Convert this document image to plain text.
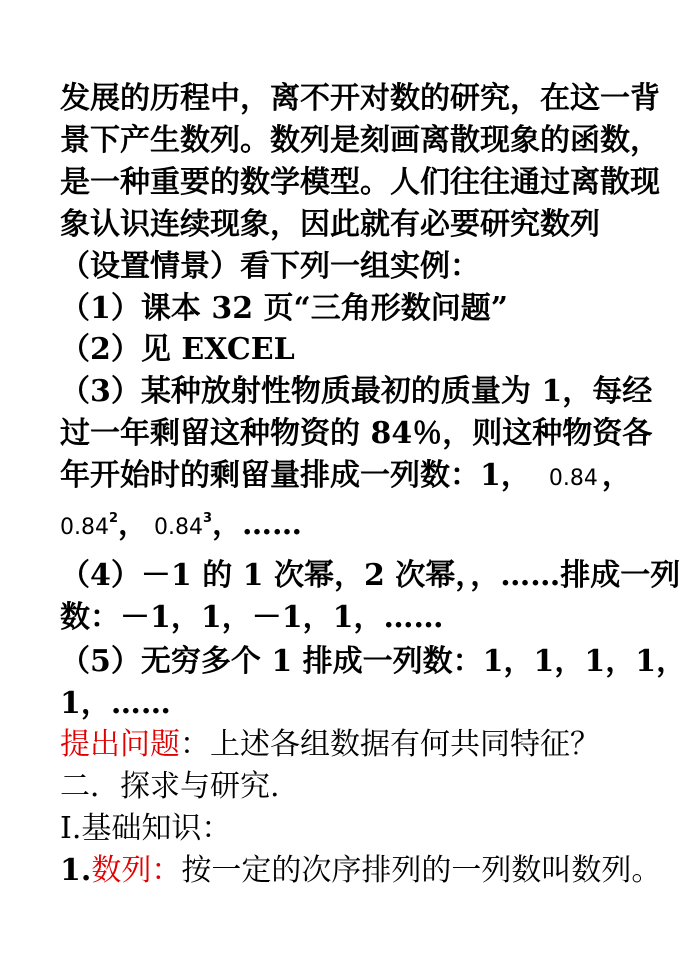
发展的历程中，离不开对数的研究，在这一背
景下产生数列。数列是刻画离散现象的函数，
是一种重要的数学模型。人们往往通过离散现
象认识连续现象，因此就有必要研究数列
（设置情景）看下列一组实例：
（1）课本 32 页“三角形数问题”
（2）见 EXCEL
（3）某种放射性物质最初的质量为 1，每经
过一年剩留这种物资的 84％，则这种物资各
年开始时的剩留量排成一列数：1， 0.84 ，
0.84$^2$， 0.84$^3$，……
（4）－1 的 1 次幂，2 次幂，，……排成一列
数：－1，1，－1，1，……
（5）无穷多个 1 排成一列数：1，1，1，1，
1，……
提出问题：上述各组数据有何共同特征？
二．探求与研究.
I.基础知识：
1.数列：按一定的次序排列的一列数叫数列。
